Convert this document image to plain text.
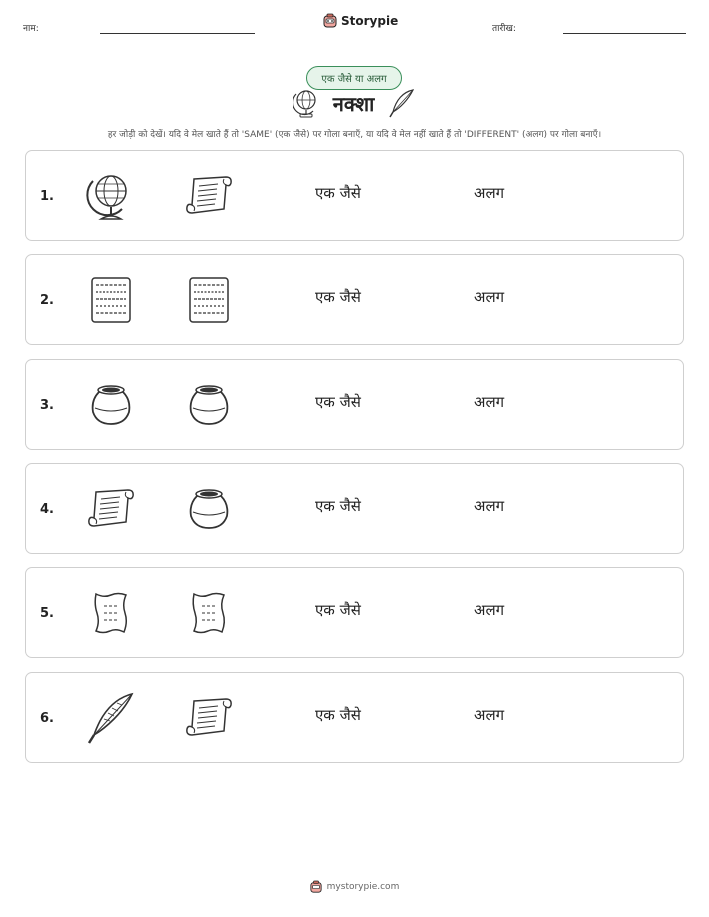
नाम:
Storypie
तारीख:
एक जैसे या अलग
नक्शा
हर जोड़ी को देखें। यदि वे मेल खाते हैं तो 'SAME' (एक जैसे) पर गोला बनाएँ, या यदि वे मेल नहीं खाते हैं तो 'DIFFERENT' (अलग) पर गोला बनाएँ।
1.	एक जैसे	अलग
2.	एक जैसे	अलग
3.	एक जैसे	अलग
4.	एक जैसे	अलग
5.	एक जैसे	अलग
6.	एक जैसे	अलग
mystorypie.com
